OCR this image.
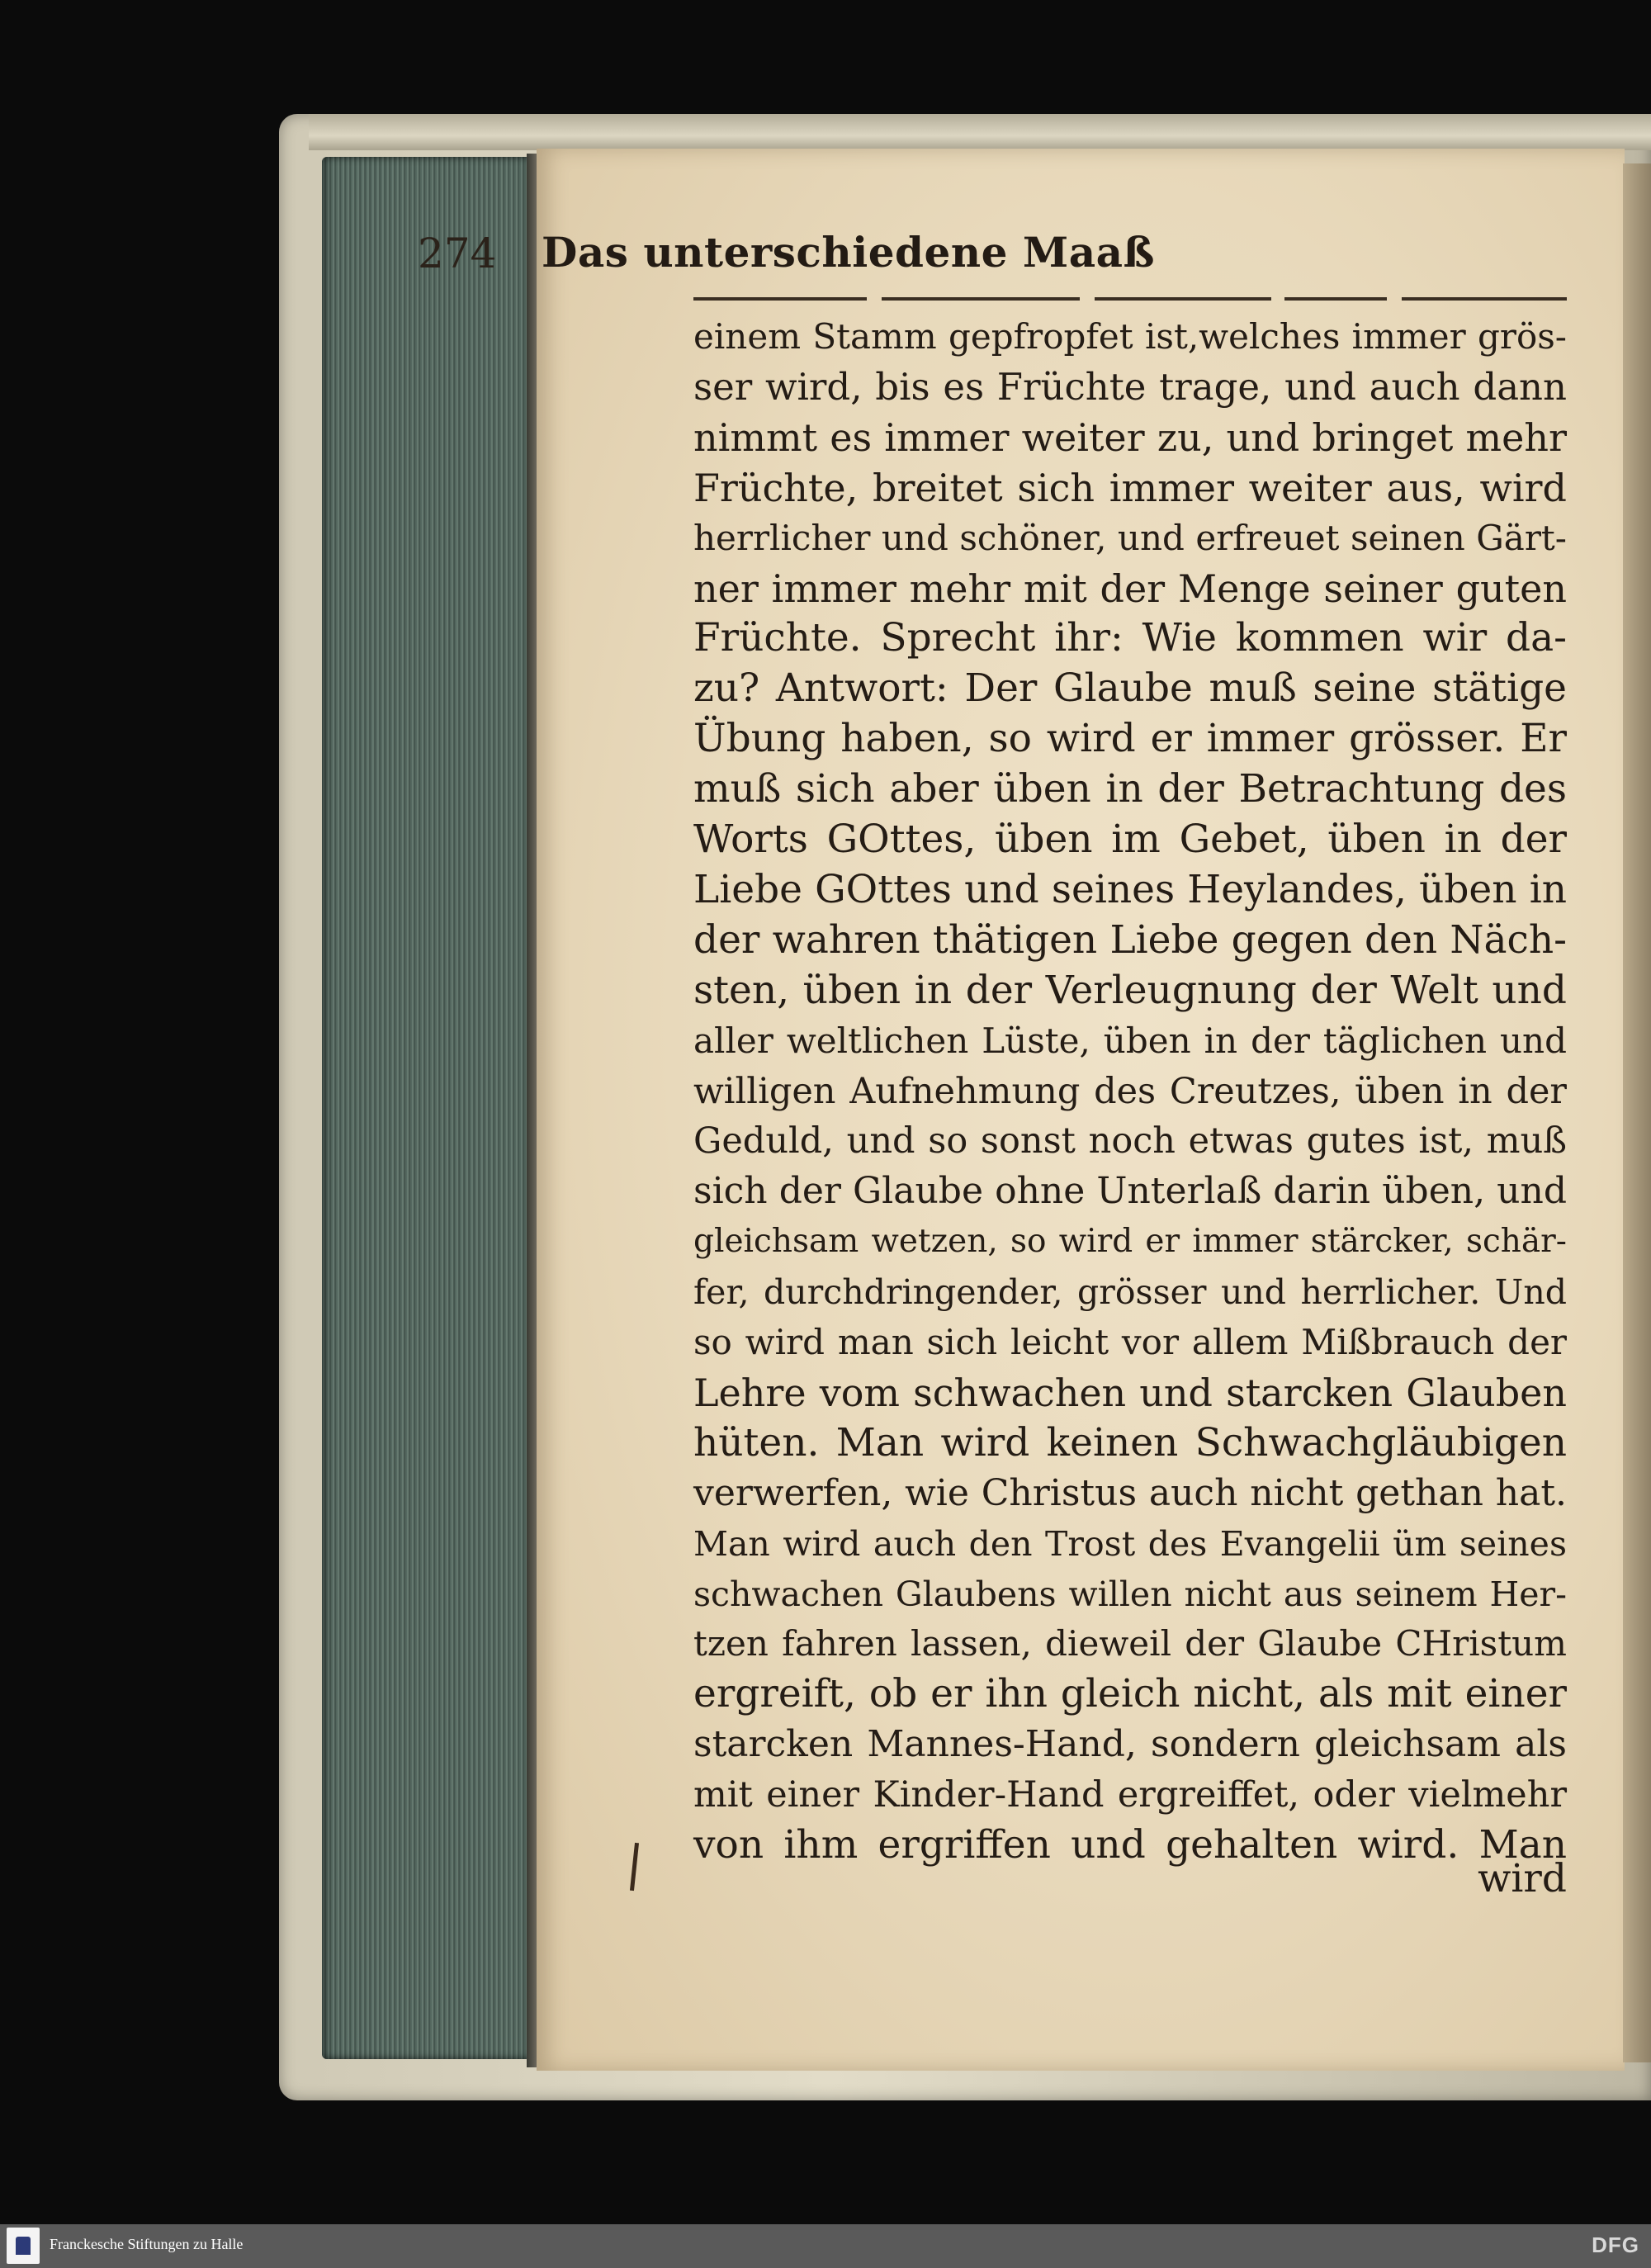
274 Das unterschiedene Maaß
einem Stamm gepfropfet ist,welches immer grös-
ser wird, bis es Früchte trage, und auch dann
nimmt es immer weiter zu, und bringet mehr
Früchte, breitet sich immer weiter aus, wird
herrlicher und schöner, und erfreuet seinen Gärt-
ner immer mehr mit der Menge seiner guten
Früchte. Sprecht ihr: Wie kommen wir da-
zu? Antwort: Der Glaube muß seine stätige
Übung haben, so wird er immer grösser. Er
muß sich aber üben in der Betrachtung des
Worts GOttes, üben im Gebet, üben in der
Liebe GOttes und seines Heylandes, üben in
der wahren thätigen Liebe gegen den Näch-
sten, üben in der Verleugnung der Welt und
aller weltlichen Lüste, üben in der täglichen und
willigen Aufnehmung des Creutzes, üben in der
Geduld, und so sonst noch etwas gutes ist, muß
sich der Glaube ohne Unterlaß darin üben, und
gleichsam wetzen, so wird er immer stärcker, schär-
fer, durchdringender, grösser und herrlicher. Und
so wird man sich leicht vor allem Mißbrauch der
Lehre vom schwachen und starcken Glauben
hüten. Man wird keinen Schwachgläubigen
verwerfen, wie Christus auch nicht gethan hat.
Man wird auch den Trost des Evangelii üm seines
schwachen Glaubens willen nicht aus seinem Her-
tzen fahren lassen, dieweil der Glaube CHristum
ergreift, ob er ihn gleich nicht, als mit einer
starcken Mannes-Hand, sondern gleichsam als
mit einer Kinder-Hand ergreiffet, oder vielmehr
von ihm ergriffen und gehalten wird. Man
wird
Franckesche Stiftungen zu Halle	DFG
